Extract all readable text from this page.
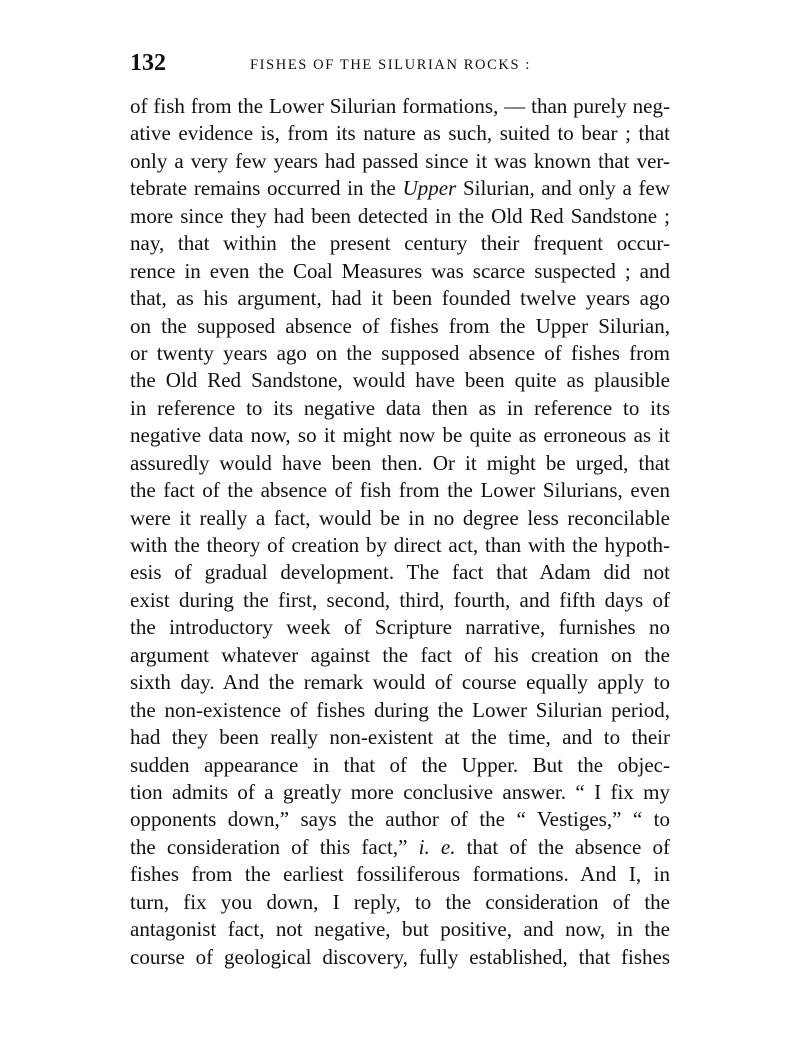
132	FISHES OF THE SILURIAN ROCKS :
of fish from the Lower Silurian formations, — than purely neg-
ative evidence is, from its nature as such, suited to bear ; that
only a very few years had passed since it was known that ver-
tebrate remains occurred in the Upper Silurian, and only a few
more since they had been detected in the Old Red Sandstone ;
nay, that within the present century their frequent occur-
rence in even the Coal Measures was scarce suspected ; and
that, as his argument, had it been founded twelve years ago
on the supposed absence of fishes from the Upper Silurian,
or twenty years ago on the supposed absence of fishes from
the Old Red Sandstone, would have been quite as plausible
in reference to its negative data then as in reference to its
negative data now, so it might now be quite as erroneous as it
assuredly would have been then. Or it might be urged, that
the fact of the absence of fish from the Lower Silurians, even
were it really a fact, would be in no degree less reconcilable
with the theory of creation by direct act, than with the hypoth-
esis of gradual development. The fact that Adam did not
exist during the first, second, third, fourth, and fifth days of
the introductory week of Scripture narrative, furnishes no
argument whatever against the fact of his creation on the
sixth day. And the remark would of course equally apply to
the non-existence of fishes during the Lower Silurian period,
had they been really non-existent at the time, and to their
sudden appearance in that of the Upper. But the objec-
tion admits of a greatly more conclusive answer. “ I fix my
opponents down,” says the author of the “ Vestiges,” “ to
the consideration of this fact,” i. e. that of the absence of
fishes from the earliest fossiliferous formations. And I, in
turn, fix you down, I reply, to the consideration of the
antagonist fact, not negative, but positive, and now, in the
course of geological discovery, fully established, that fishes
